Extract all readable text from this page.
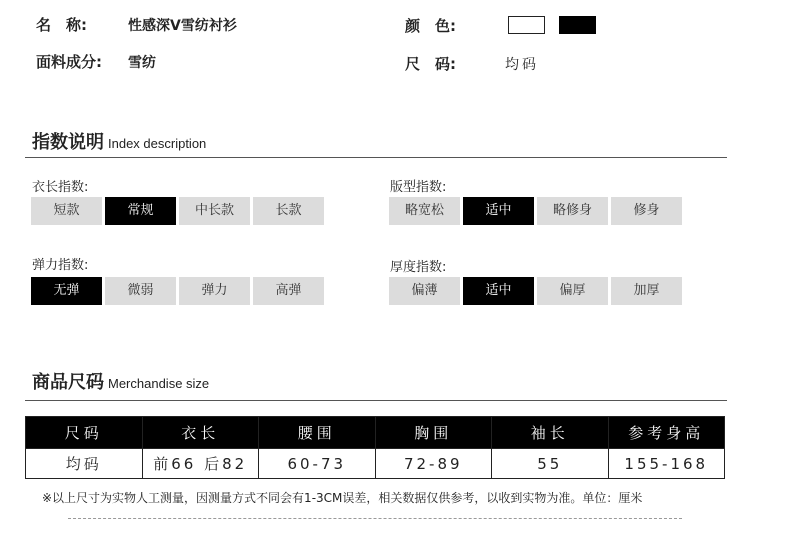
名　称:	性感深V雪纺衬衫
面料成分: 雪纺
颜　色:
尺　码:	均码
指数说明 Index description
衣长指数:
短款	常规	中长款	长款
版型指数:
略宽松	适中	略修身	修身
弹力指数:
无弹	微弱	弹力	高弹
厚度指数:
偏薄	适中	偏厚	加厚
商品尺码 Merchandise size
尺码	衣长	腰围	胸围	袖长	参考身高
均码	前66 后82	60-73	72-89	55	155-168
※以上尺寸为实物人工测量，因测量方式不同会有1-3CM误差，相关数据仅供参考，以收到实物为准。单位：厘米
